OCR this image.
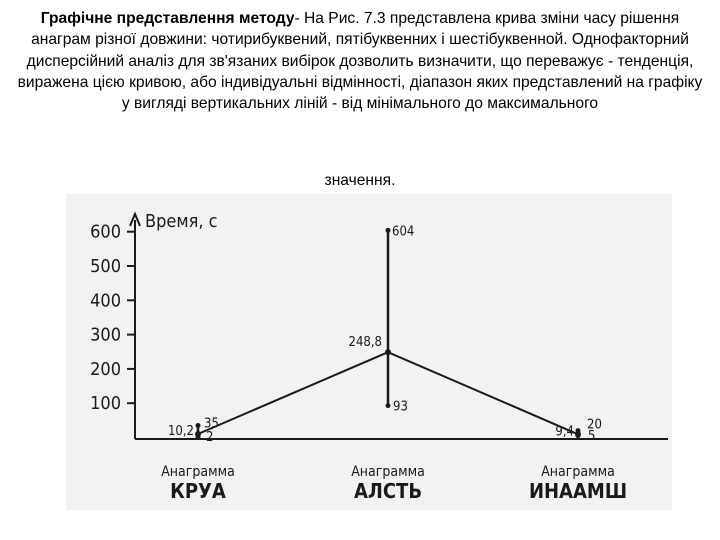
Графічне представлення методу- На Рис. 7.3 представлена крива зміни часу рішення анаграм різної довжини: чотирибуквений, пятібуквенних і шестібуквенной. Однофакторний дисперсійний аналіз для зв'язаних вибірок дозволить визначити, що переважує - тенденція, виражена цією кривою, або індивідуальні відмінності, діапазон яких представлений на графіку у вигляді вертикальних ліній - від мінімального до максимального
значення.
Время, с
100
200
300
400
500
600
10,2
35
2
248,8
604
93
9,4 20
5
Анаграмма
КРУА
Анаграмма
АЛСТЬ
Анаграмма
ИНААМШ
